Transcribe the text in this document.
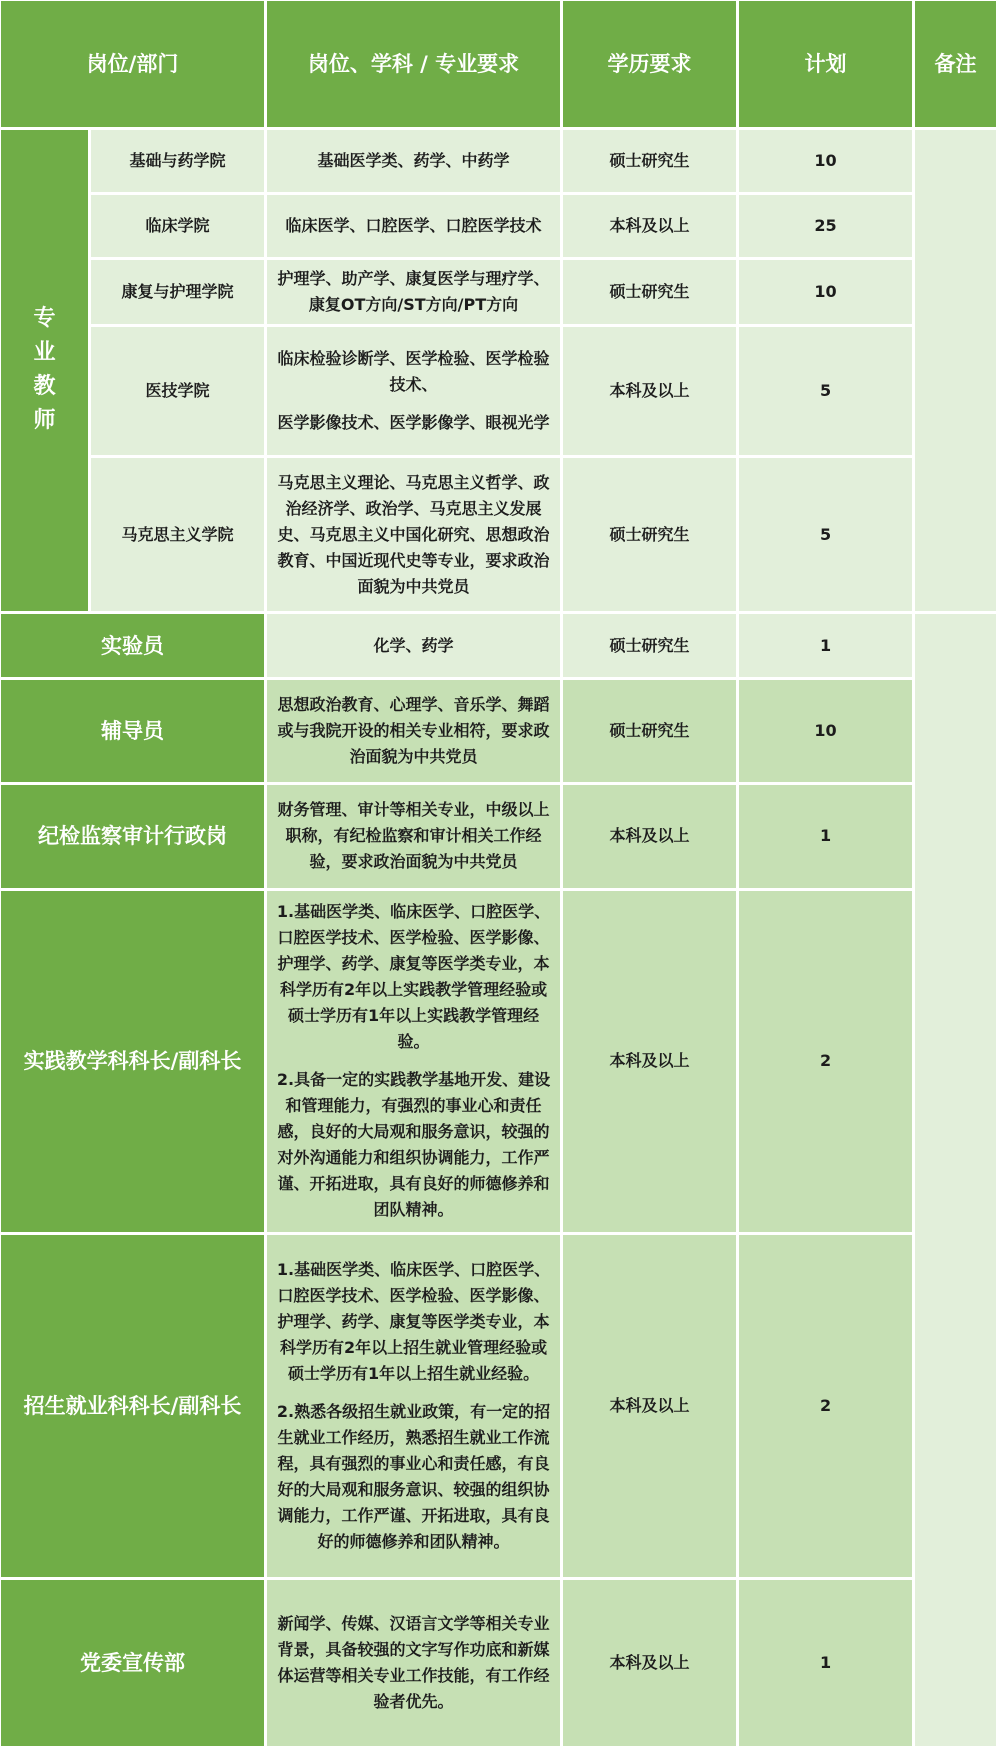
岗位/部门		岗位、学科 / 专业要求	学历要求	计划	备注
专业教师	基础与药学院	基础医学类、药学、中药学	硕士研究生	10	
	临床学院	临床医学、口腔医学、口腔医学技术	本科及以上	25	
	康复与护理学院	护理学、助产学、康复医学与理疗学、康复OT方向/ST方向/PT方向	硕士研究生	10	
	医技学院	临床检验诊断学、医学检验、医学检验技术、
医学影像技术、医学影像学、眼视光学	本科及以上	5	
	马克思主义学院	马克思主义理论、马克思主义哲学、政治经济学、政治学、马克思主义发展史、马克思主义中国化研究、思想政治教育、中国近现代史等专业，要求政治面貌为中共党员	硕士研究生	5	
实验员		化学、药学	硕士研究生	1	
辅导员		思想政治教育、心理学、音乐学、舞蹈或与我院开设的相关专业相符，要求政治面貌为中共党员	硕士研究生	10	
纪检监察审计行政岗		财务管理、审计等相关专业，中级以上职称，有纪检监察和审计相关工作经验，要求政治面貌为中共党员	本科及以上	1	
实践教学科科长/副科长		1.基础医学类、临床医学、口腔医学、口腔医学技术、医学检验、医学影像、护理学、药学、康复等医学类专业，本科学历有2年以上实践教学管理经验或硕士学历有1年以上实践教学管理经验。
2.具备一定的实践教学基地开发、建设和管理能力，有强烈的事业心和责任感，良好的大局观和服务意识，较强的对外沟通能力和组织协调能力，工作严谨、开拓进取，具有良好的师德修养和团队精神。	本科及以上	2	
招生就业科科长/副科长		1.基础医学类、临床医学、口腔医学、口腔医学技术、医学检验、医学影像、护理学、药学、康复等医学类专业，本科学历有2年以上招生就业管理经验或硕士学历有1年以上招生就业经验。
2.熟悉各级招生就业政策，有一定的招生就业工作经历，熟悉招生就业工作流程，具有强烈的事业心和责任感，有良好的大局观和服务意识、较强的组织协调能力，工作严谨、开拓进取，具有良好的师德修养和团队精神。	本科及以上	2	
党委宣传部		新闻学、传媒、汉语言文学等相关专业背景，具备较强的文字写作功底和新媒体运营等相关专业工作技能，有工作经验者优先。	本科及以上	1	
